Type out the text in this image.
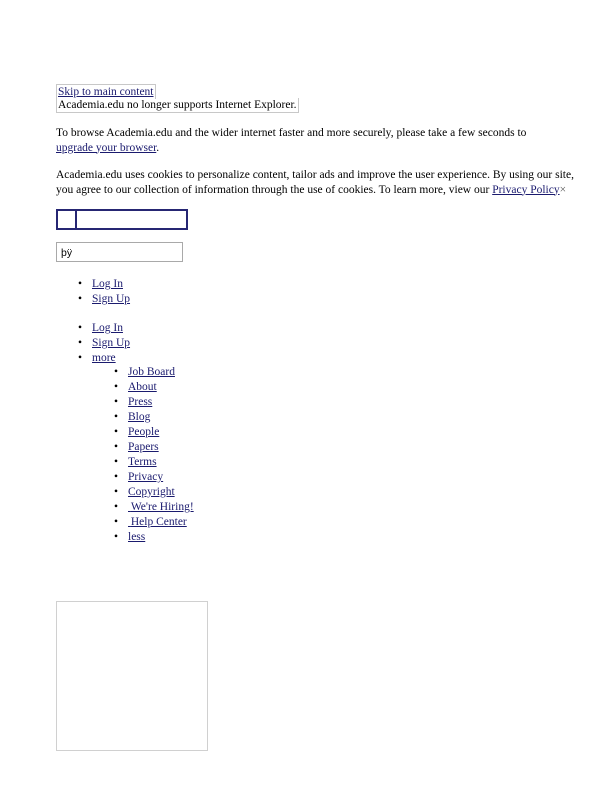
Skip to main content
Academia.edu no longer supports Internet Explorer.
To browse Academia.edu and the wider internet faster and more securely, please take a few seconds to upgrade your browser.
Academia.edu uses cookies to personalize content, tailor ads and improve the user experience. By using our site, you agree to our collection of information through the use of cookies. To learn more, view our Privacy Policy×
þÿ
• Log In
• Sign Up
• Log In
• Sign Up
• more
• Job Board
• About
• Press
• Blog
• People
• Papers
• Terms
• Privacy
• Copyright
• We're Hiring!
• Help Center
• less
